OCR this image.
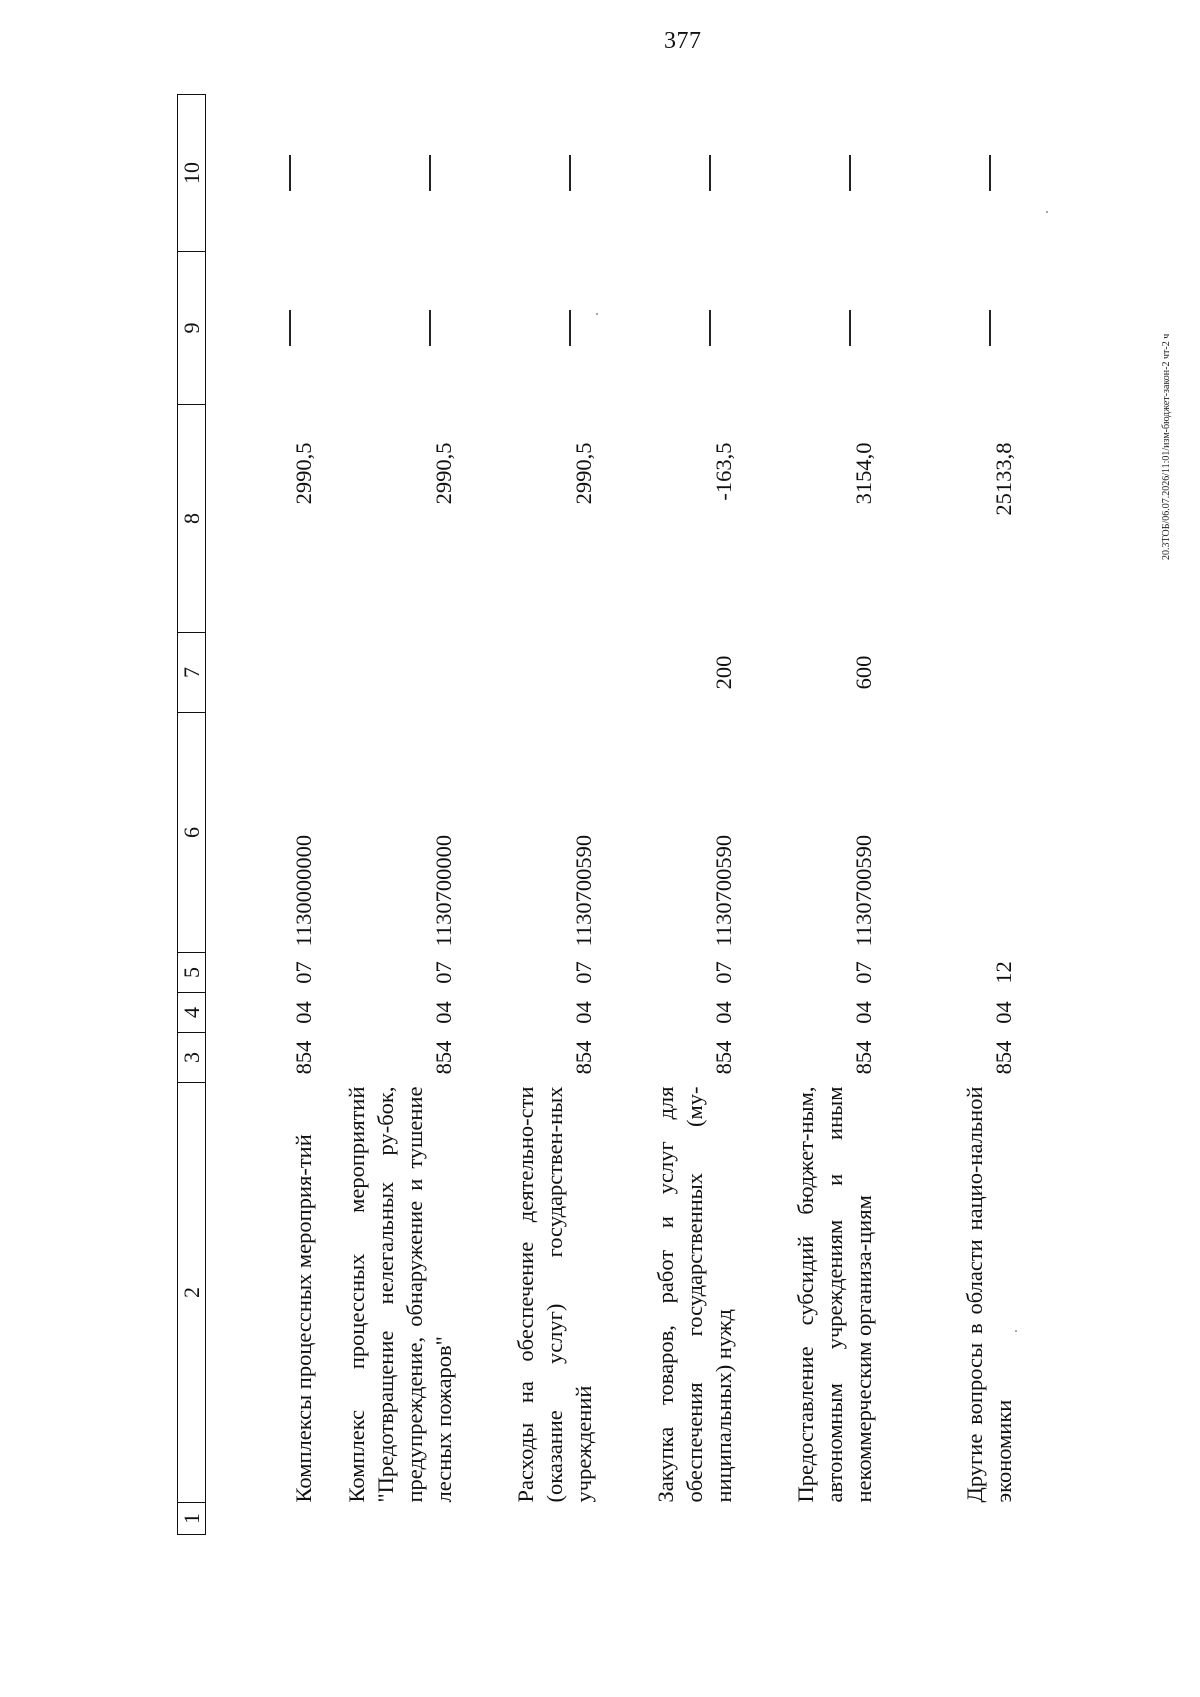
377
20.3ТОБ/06.07.2026/11:01/изм-бюджет-закон-2 чт-2 ч
1	2	3	4	5	6	7	8	9	10

	Комплексы процессных мероприя-тий	854	04	07	1130000000		2990,5		

	Комплекс процессных мероприятий "Предотвращение нелегальных ру-бок, предупреждение, обнаружение и тушение лесных пожаров"	854	04	07	1130700000		2990,5		

	Расходы на обеспечение деятельно-сти (оказание услуг) государствен-ных учреждений	854	04	07	1130700590		2990,5		

	Закупка товаров, работ и услуг для обеспечения государственных (му-ниципальных) нужд	854	04	07	1130700590	200	-163,5		

	Предоставление субсидий бюджет-ным, автономным учреждениям и иным некоммерческим организа-циям	854	04	07	1130700590	600	3154,0		

	Другие вопросы в области нацио-нальной экономики	854	04	12			25133,8		
